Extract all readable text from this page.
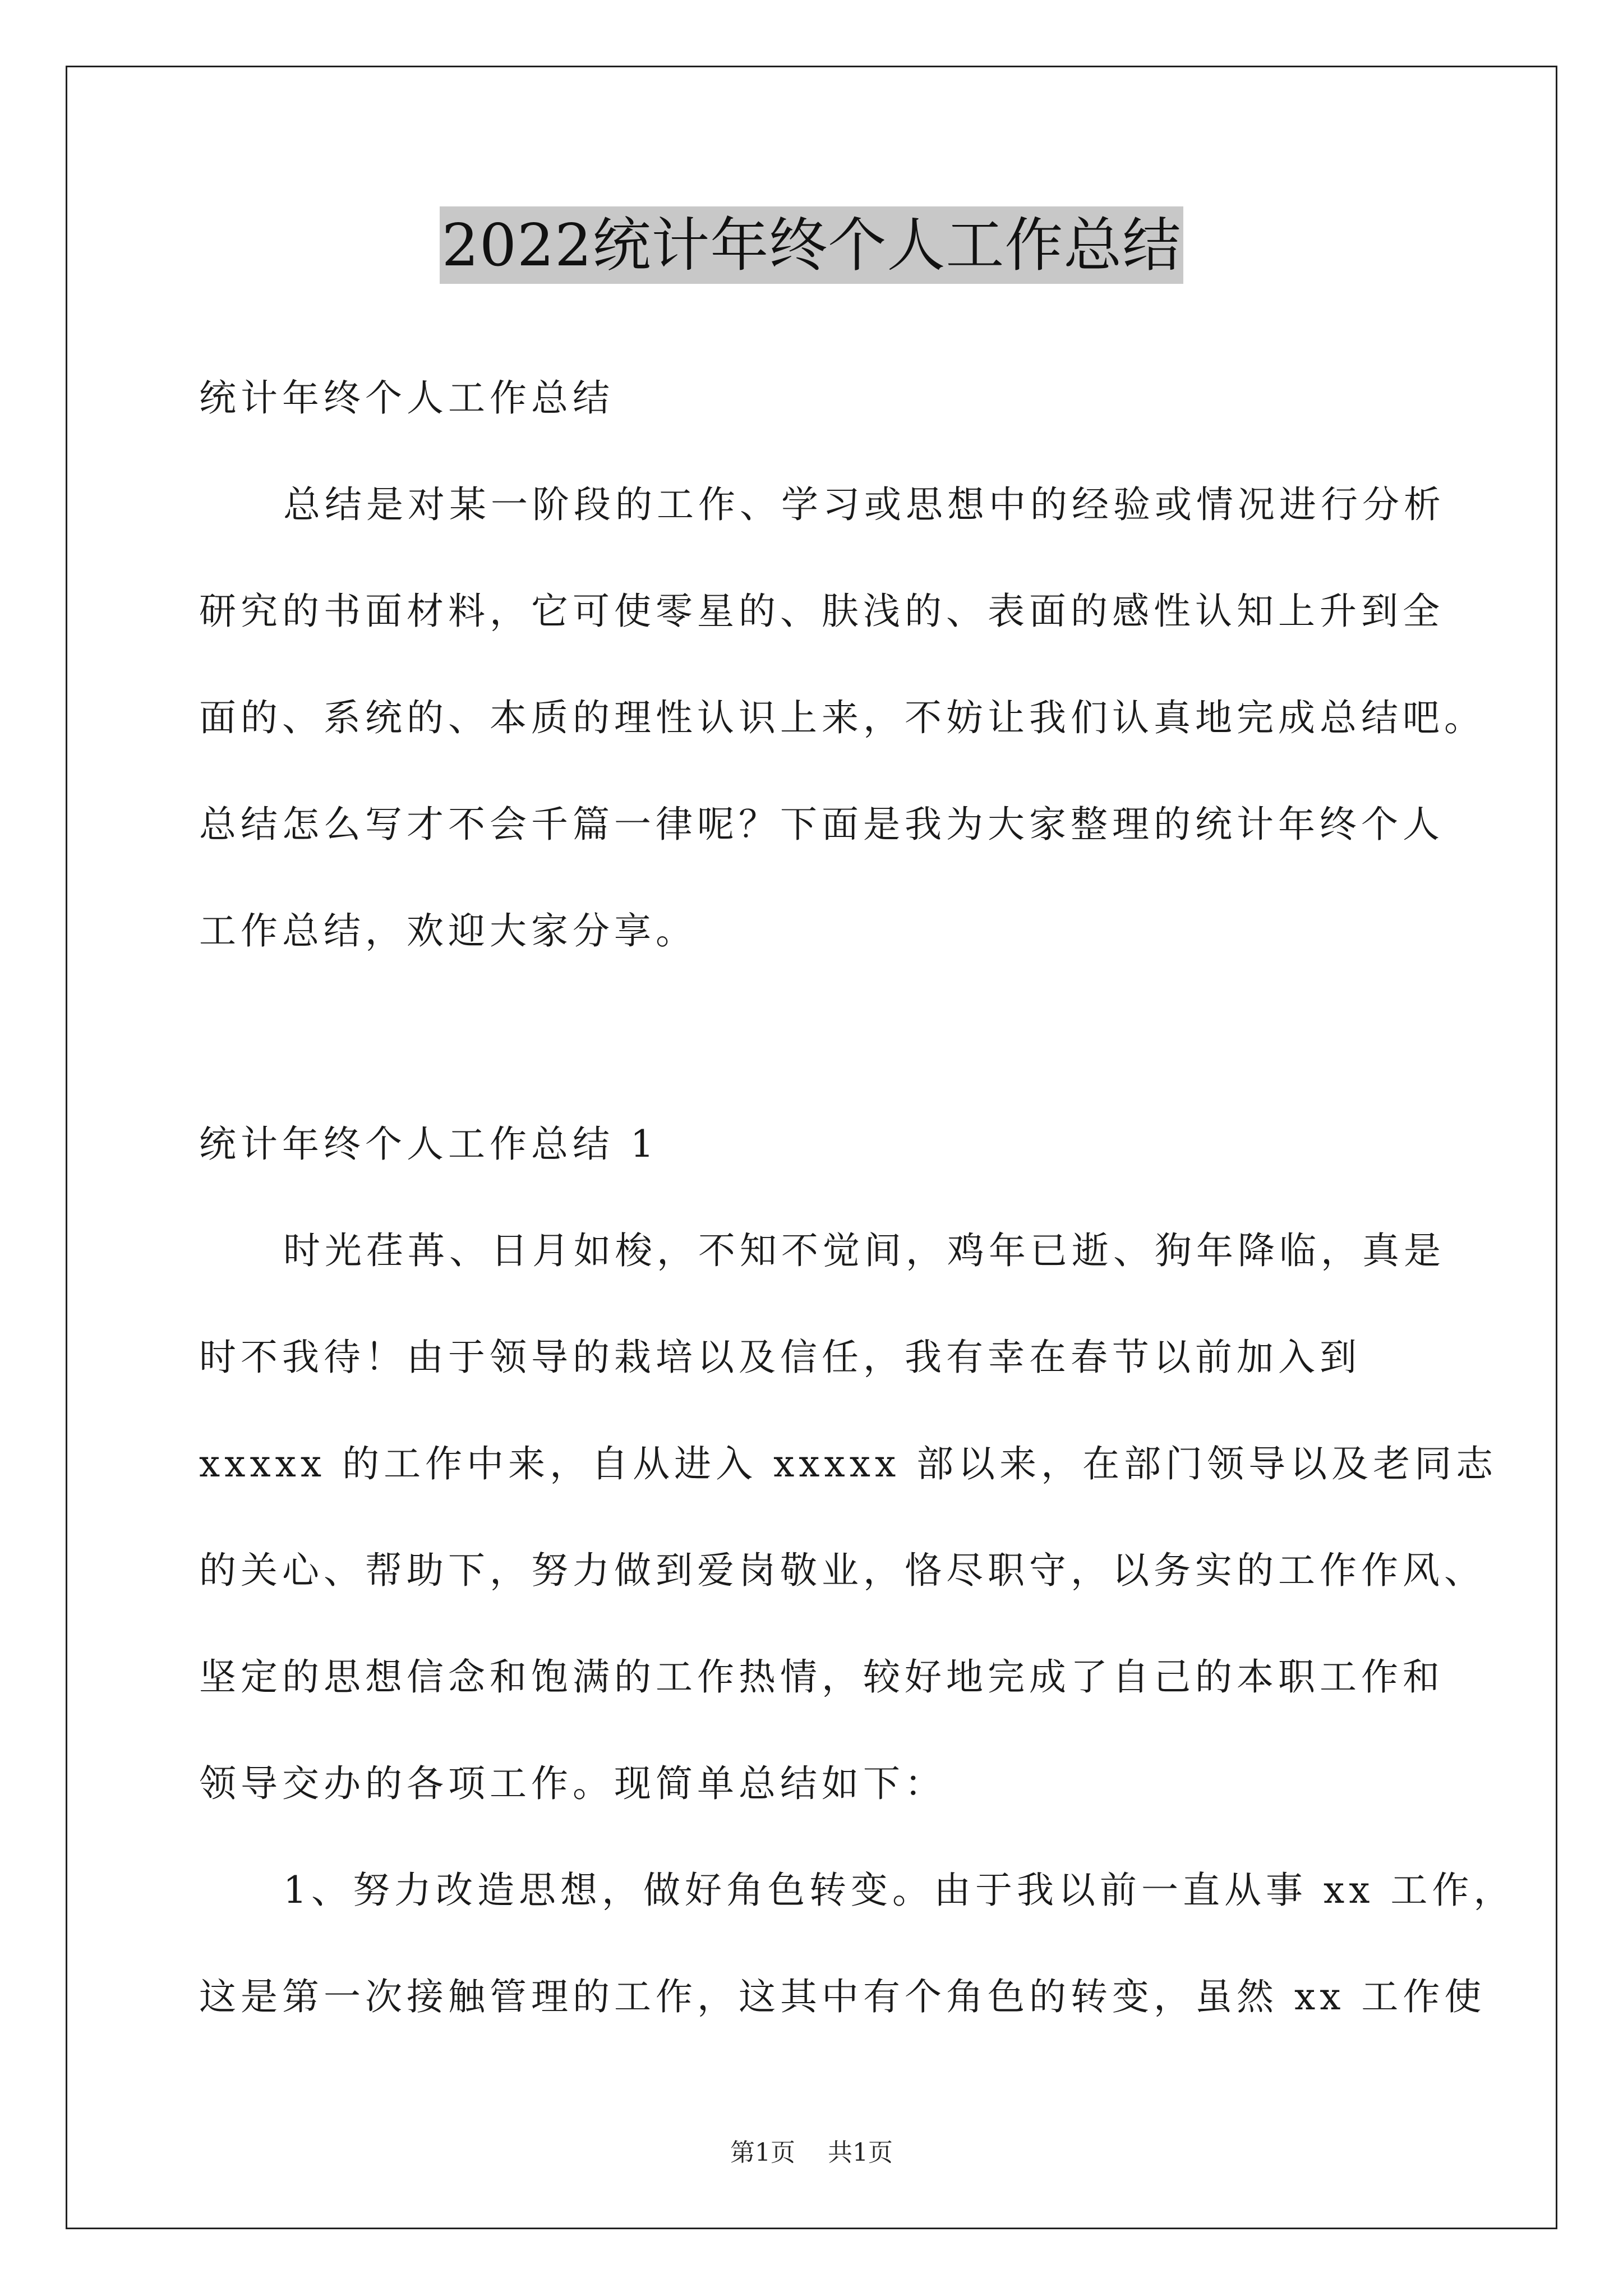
2022统计年终个人工作总结
统计年终个人工作总结
总结是对某一阶段的工作、学习或思想中的经验或情况进行分析
研究的书面材料，它可使零星的、肤浅的、表面的感性认知上升到全
面的、系统的、本质的理性认识上来，不妨让我们认真地完成总结吧。
总结怎么写才不会千篇一律呢？下面是我为大家整理的统计年终个人
工作总结，欢迎大家分享。
统计年终个人工作总结 1
时光荏苒、日月如梭，不知不觉间，鸡年已逝、狗年降临，真是
时不我待！由于领导的栽培以及信任，我有幸在春节以前加入到
xxxxx 的工作中来，自从进入 xxxxx 部以来，在部门领导以及老同志
的关心、帮助下，努力做到爱岗敬业，恪尽职守，以务实的工作作风、
坚定的思想信念和饱满的工作热情，较好地完成了自己的本职工作和
领导交办的各项工作。现简单总结如下：
1、努力改造思想，做好角色转变。由于我以前一直从事 xx 工作，
这是第一次接触管理的工作，这其中有个角色的转变，虽然 xx 工作使
第1页 共1页
